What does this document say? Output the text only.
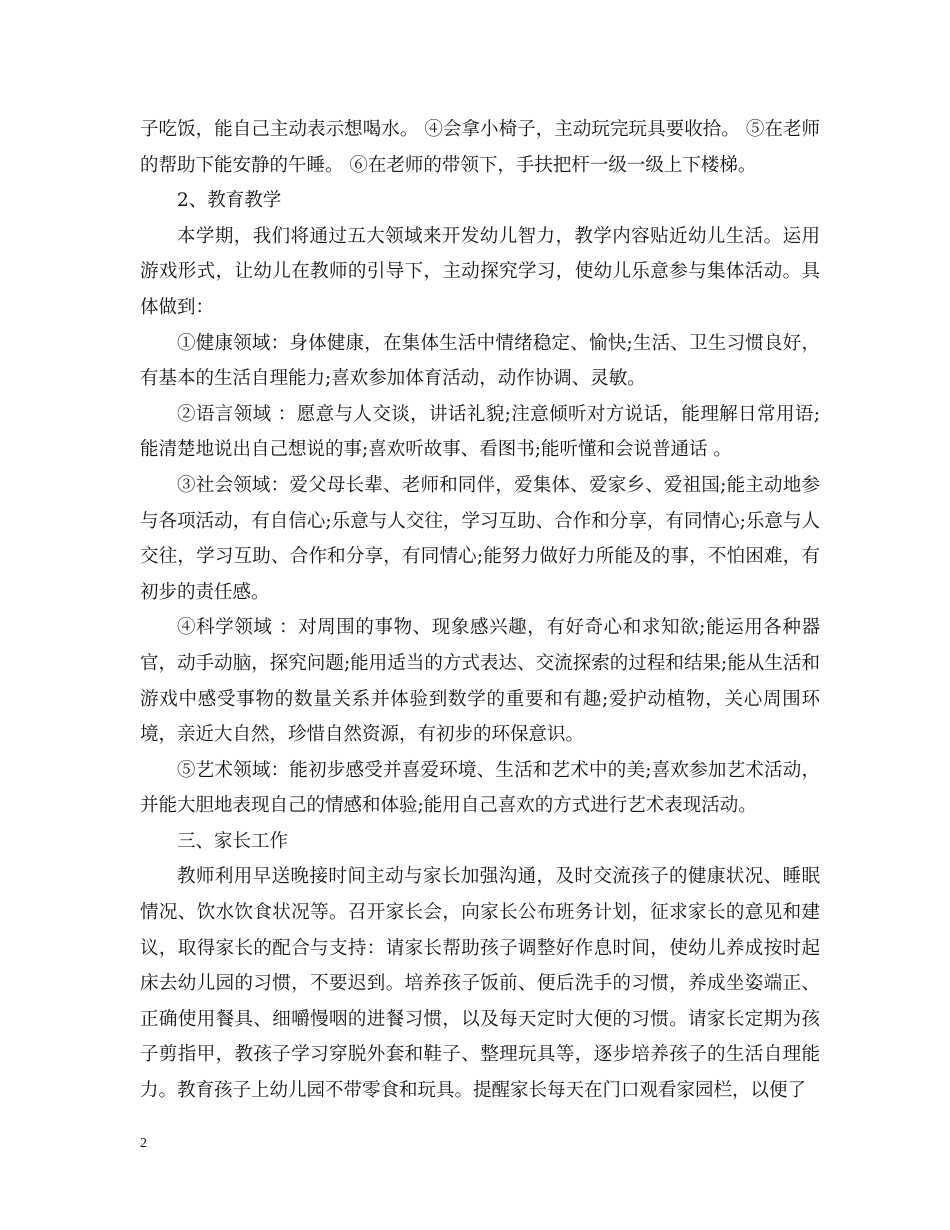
子吃饭，能自己主动表示想喝水。 ④会拿小椅子，主动玩完玩具要收拾。 ⑤在老师的帮助下能安静的午睡。 ⑥在老师的带领下，手扶把杆一级一级上下楼梯。

2、教育教学

本学期，我们将通过五大领域来开发幼儿智力，教学内容贴近幼儿生活。运用游戏形式，让幼儿在教师的引导下，主动探究学习，使幼儿乐意参与集体活动。具体做到：

①健康领域：身体健康，在集体生活中情绪稳定、愉快;生活、卫生习惯良好，有基本的生活自理能力;喜欢参加体育活动，动作协调、灵敏。

②语言领域 ：愿意与人交谈，讲话礼貌;注意倾听对方说话，能理解日常用语; 能清楚地说出自己想说的事;喜欢听故事、看图书;能听懂和会说普通话 。

③社会领域：爱父母长辈、老师和同伴，爱集体、爱家乡、爱祖国;能主动地参与各项活动，有自信心;乐意与人交往，学习互助、合作和分享，有同情心;乐意与人交往，学习互助、合作和分享，有同情心;能努力做好力所能及的事，不怕困难，有初步的责任感。

④科学领域 ：对周围的事物、现象感兴趣，有好奇心和求知欲;能运用各种器官，动手动脑，探究问题;能用适当的方式表达、交流探索的过程和结果;能从生活和游戏中感受事物的数量关系并体验到数学的重要和有趣;爱护动植物，关心周围环境，亲近大自然，珍惜自然资源，有初步的环保意识。

⑤艺术领域：能初步感受并喜爱环境、生活和艺术中的美;喜欢参加艺术活动，并能大胆地表现自己的情感和体验;能用自己喜欢的方式进行艺术表现活动。

三、家长工作

教师利用早送晚接时间主动与家长加强沟通，及时交流孩子的健康状况、睡眠情况、饮水饮食状况等。召开家长会，向家长公布班务计划，征求家长的意见和建议，取得家长的配合与支持：请家长帮助孩子调整好作息时间，使幼儿养成按时起床去幼儿园的习惯，不要迟到。培养孩子饭前、便后洗手的习惯，养成坐姿端正、正确使用餐具、细嚼慢咽的进餐习惯，以及每天定时大便的习惯。请家长定期为孩子剪指甲，教孩子学习穿脱外套和鞋子、整理玩具等，逐步培养孩子的生活自理能力。教育孩子上幼儿园不带零食和玩具。提醒家长每天在门口观看家园栏，以便了

2
